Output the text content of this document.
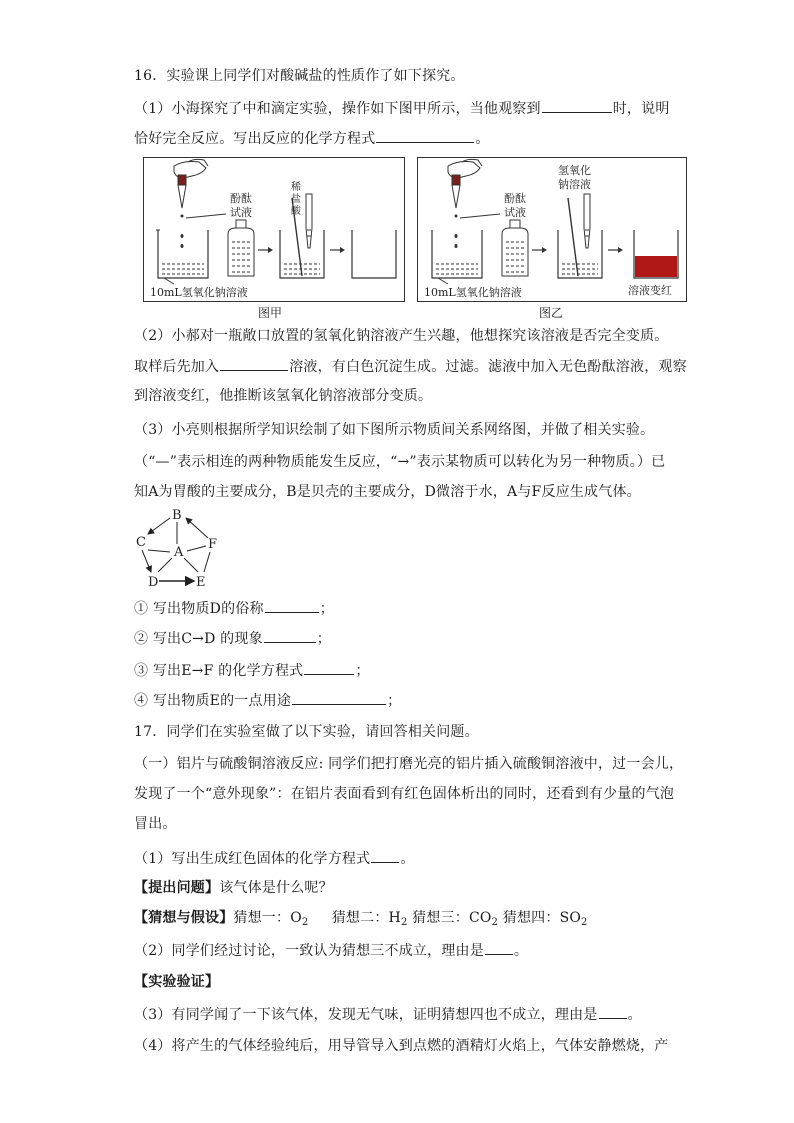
16．实验课上同学们对酸碱盐的性质作了如下探究。
（1）小海探究了中和滴定实验，操作如下图甲所示，当他观察到	时，说明
恰好完全反应。写出反应的化学方程式	。
酚酞
试液
稀
盐
酸
10mL氢氧化钠溶液
图甲
酚酞
试液
氢氧化
钠溶液
10mL氢氧化钠溶液	溶液变红
图乙
（2）小郝对一瓶敞口放置的氢氧化钠溶液产生兴趣，他想探究该溶液是否完全变质。
取样后先加入	溶液，有白色沉淀生成。过滤。滤液中加入无色酚酞溶液，观察
到溶液变红，他推断该氢氧化钠溶液部分变质。
（3）小亮则根据所学知识绘制了如下图所示物质间关系网络图，并做了相关实验。
（“—”表示相连的两种物质能发生反应，“→”表示某物质可以转化为另一种物质。）已
知A为胃酸的主要成分，B是贝壳的主要成分，D微溶于水，A与F反应生成气体。
B
C
A
F
D	E
① 写出物质D的俗称	；
② 写出C→D 的现象	；
③ 写出E→F 的化学方程式	；
④ 写出物质E的一点用途	；
17．同学们在实验室做了以下实验，请回答相关问题。
（一）铝片与硫酸铜溶液反应: 同学们把打磨光亮的铝片插入硫酸铜溶液中，过一会儿，
发现了一个“意外现象”：在铝片表面看到有红色固体析出的同时，还看到有少量的气泡
冒出。
（1）写出生成红色固体的化学方程式 。
【提出问题】该气体是什么呢？
【猜想与假设】猜想一：$O_2$ 猜想二：$H_2$ 猜想三：$CO_2$ 猜想四：$SO_2$
（2）同学们经过讨论，一致认为猜想三不成立，理由是 。
【实验验证】
（3）有同学闻了一下该气体，发现无气味，证明猜想四也不成立，理由是 。
（4）将产生的气体经验纯后，用导管导入到点燃的酒精灯火焰上，气体安静燃烧，产
